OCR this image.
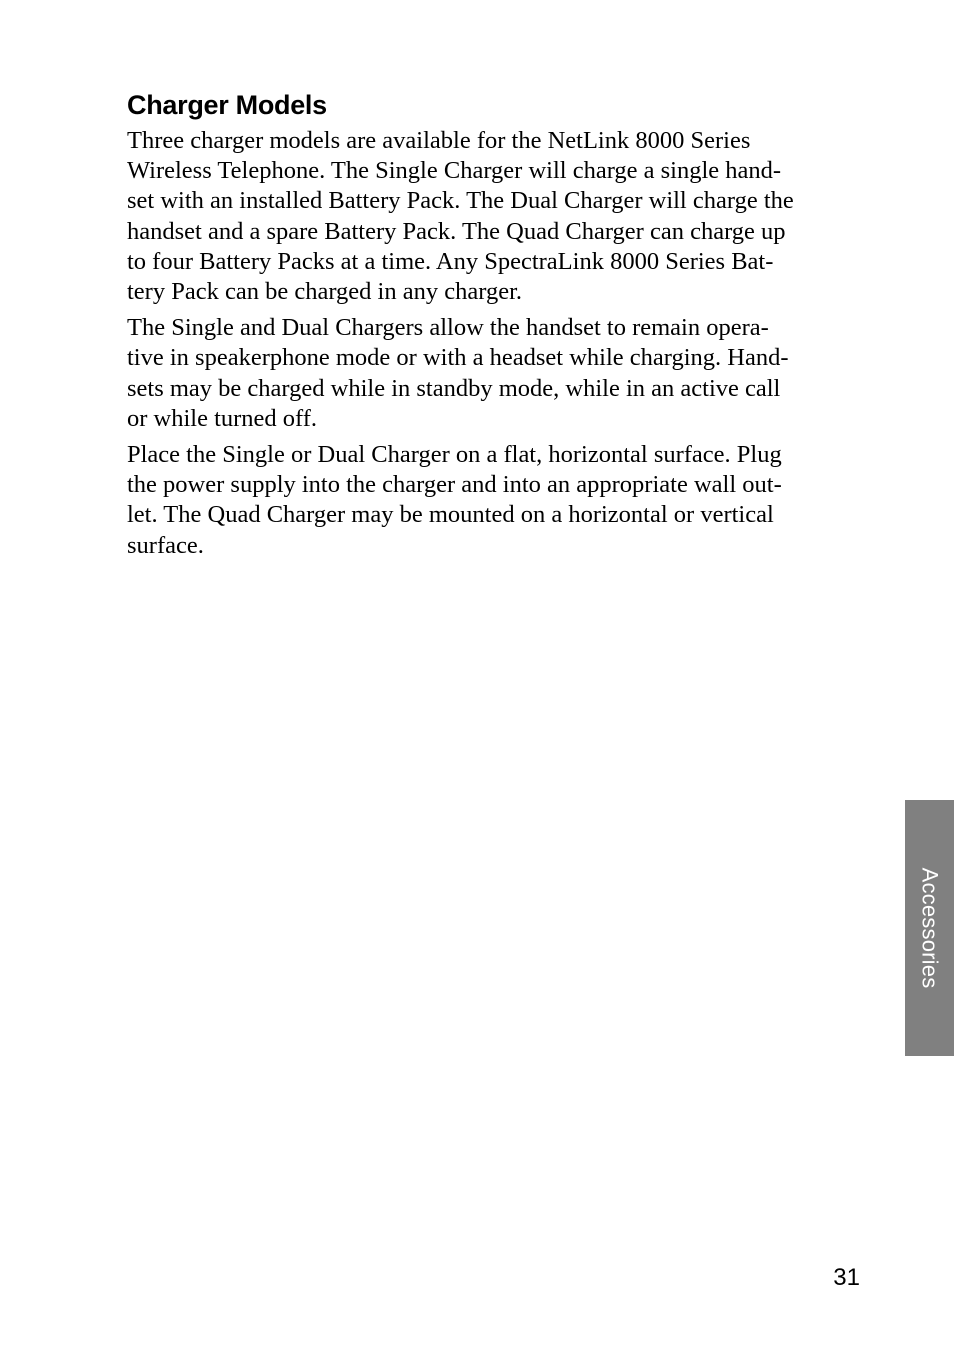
Charger Models

Three charger models are available for the NetLink 8000 Series
Wireless Telephone. The Single Charger will charge a single hand-
set with an installed Battery Pack. The Dual Charger will charge the
handset and a spare Battery Pack. The Quad Charger can charge up
to four Battery Packs at a time. Any SpectraLink 8000 Series Bat-
tery Pack can be charged in any charger.

The Single and Dual Chargers allow the handset to remain opera-
tive in speakerphone mode or with a headset while charging. Hand-
sets may be charged while in standby mode, while in an active call
or while turned off.

Place the Single or Dual Charger on a flat, horizontal surface. Plug
the power supply into the charger and into an appropriate wall out-
let. The Quad Charger may be mounted on a horizontal or vertical
surface.

Accessories
31
